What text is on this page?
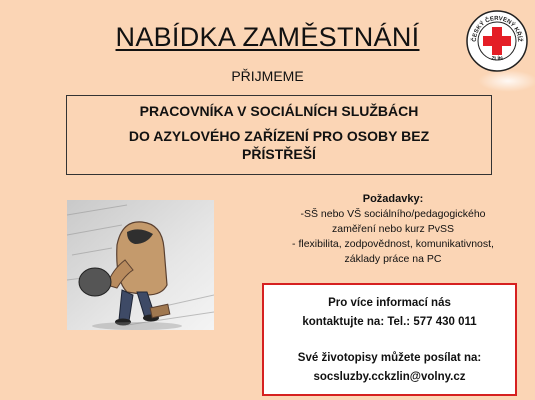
NABÍDKA ZAMĚSTNÁNÍ	ČESKÝ ČERVENÝ KŘÍŽ
ZLÍN
PŘIJMEME
PRACOVNÍKA V SOCIÁLNÍCH SLUŽBÁCH
DO AZYLOVÉHO ZAŘÍZENÍ PRO OSOBY BEZ
PŘÍSTŘEŠÍ
Požadavky:
-SŠ nebo VŠ sociálního/pedagogického
zaměření nebo kurz PvSS
- flexibilita, zodpovědnost, komunikativnost,
základy práce na PC
Pro více informací nás
kontaktujte na: Tel.: 577 430 011
Své životopisy můžete posílat na:
socsluzby.cckzlin@volny.cz
